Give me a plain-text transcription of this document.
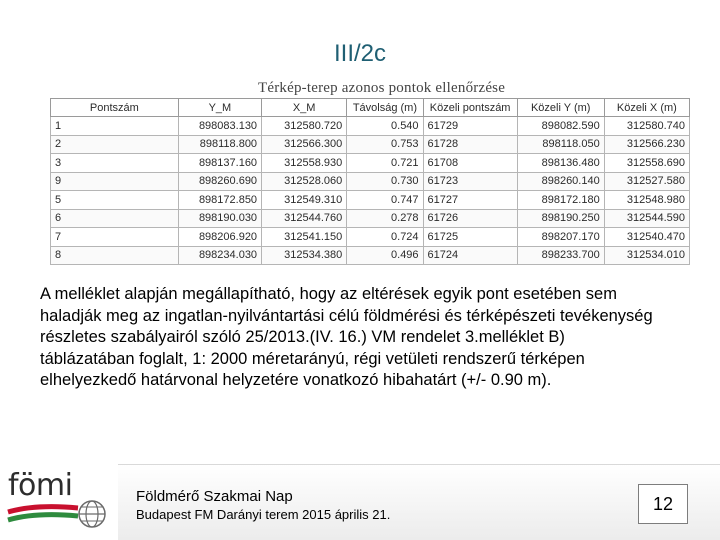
III/2c
Térkép-terep azonos pontok ellenőrzése
Pontszám	Y_M	X_M	Távolság (m)	Közeli pontszám	Közeli Y (m)	Közeli X (m)
1	898083.130	312580.720	0.540	61729	898082.590	312580.740
2	898118.800	312566.300	0.753	61728	898118.050	312566.230
3	898137.160	312558.930	0.721	61708	898136.480	312558.690
9	898260.690	312528.060	0.730	61723	898260.140	312527.580
5	898172.850	312549.310	0.747	61727	898172.180	312548.980
6	898190.030	312544.760	0.278	61726	898190.250	312544.590
7	898206.920	312541.150	0.724	61725	898207.170	312540.470
8	898234.030	312534.380	0.496	61724	898233.700	312534.010
A melléklet alapján megállapítható, hogy az eltérések egyik pont esetében sem
haladják meg az ingatlan-nyilvántartási célú földmérési és térképészeti tevékenység
részletes szabályairól szóló 25/2013.(IV. 16.) VM rendelet 3.melléklet B)
táblázatában foglalt, 1: 2000 méretarányú, régi vetületi rendszerű térképen
elhelyezkedő határvonal helyzetére vonatkozó hibahatárt (+/- 0.90 m).
fömi	Földmérő Szakmai Nap
Budapest FM Darányi terem 2015 április 21.
12
